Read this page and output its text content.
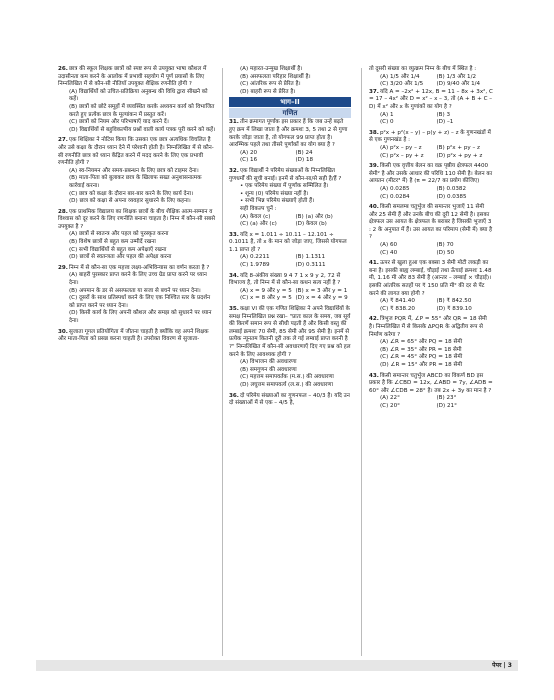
26.छात्र की स्कूल शिक्षक छात्रों को स्पष्ट रूप से उपयुक्त भाषा कौशल में उदासीनता कम करने के आलोक में प्रभावी सहयोग में पूर्ण प्रयासों के लिए निम्नलिखित में से कौन-सी नीतियाँ उपयुक्त शैक्षिक रणनीति होगी ?
(A) विद्यार्थियों को उचित-प्रतिक्रिया अनुबन्ध की विधि द्वारा सीखने को कहें।
(B) छात्रों को छोटे समूहों में व्यवस्थित करके अध्ययन कार्य को विभाजित करते हुए प्रत्येक छात्र के मूल्यांकन में प्रस्तुत करें।
(C) छात्रों को नियम और परिभाषाएँ याद करने दें।
(D) विद्यार्थियों से बहुविकल्पीय प्रश्नों वाली कार्य पत्रक पूरी करने को कहें।
27.एक शिक्षिका ने नोटिस किया कि उसका एक छात्र अत्यधिक विचलित है और उसे कक्षा के दौरान ध्यान देने में परेशानी होती है। निम्नलिखित में से कौन-सी रणनीति छात्र को ध्यान केंद्रित करने में मदद करने के लिए एक प्रभावी रणनीति होगी ?
(A) स्व-नियमन और समय-प्रबन्धन के लिए छात्र को टाइमर देना।
(B) माता-पिता को बुलाकर छात्र के खिलाफ सख्त अनुशासनात्मक कार्रवाई करना।
(C) छात्र को कक्षा के दौरान बार-बार करने के लिए कार्य देना।
(D) छात्र को कक्षा से अपना व्यवहार सुधारने के लिए कहना।
28.एक प्राथमिक विद्यालय का शिक्षक छात्रों के बीच शैक्षिक आत्म-सम्मान व विश्वास को दूर करने के लिए रणनीति बनाना चाहता है। निम्न में कौन-सी सबसे उपयुक्त है ?
(A) छात्रों से स्वतन्त्र और पहल को पुरस्कृत करना
(B) विशेष छात्रों से बहुत कम उम्मीदें रखना
(C) सभी विद्यार्थियों से बहुत कम अपेक्षाएँ रखना
(D) छात्रों से स्वतन्त्रता और पहल की अपेक्षा करना
29.निम्न में से कौन-सा एक महत्त्व लक्ष्य-अभिविन्यास का वर्णन करता है ?
(A) बाहरी पुरस्कार प्राप्त करने के लिए उच्च ग्रेड प्राप्त करने पर ध्यान देना।
(B) अपमान के डर से असफलता या सजा से बचने पर ध्यान देना।
(C) दूसरों के साथ प्रतिस्पर्धा करने के लिए एक निश्चित स्तर के प्रदर्शन को प्राप्त करने पर ध्यान देना।
(D) किसी कार्य के लिए अपनी कौशल और समझ को सुधारने पर ध्यान देना।
30.सुजाता गूगल प्रतियोगिता में जीतना चाहती है क्योंकि वह अपने शिक्षक और माता-पिता को प्रसन्न करना चाहती है। उपरोक्त विवरण से सुजाता-
(A) महारत-उन्मुख शिक्षार्थी है।
(B) असफलता परिहार शिक्षार्थी है।
(C) आंतरिक रूप से प्रेरित है।
(D) बाहरी रूप से प्रेरित है।
भाग–II
गणित
31.तीन क्रमागत पूर्णांक इस प्रकार हैं कि जब उन्हें बढ़ते हुए क्रम में लिखा जाता है और क्रमशः 3, 5 तथा 2 से गुणा करके जोड़ा जाता है, तो योगफल 99 प्राप्त होता है। आरम्भिक पहले तथा तीसरे पूर्णांकों का योग क्या है ?
(A) 20	(B) 24
(C) 16	(D) 18
32.एक विद्यार्थी ने परिमेय संख्याओं के निम्नलिखित गुणधर्मों की सूची बनाई। इनमें से कौन-सा/से सही है/हैं ?
• एक परिमेय संख्या में पूर्णांक सम्मिलित है।
• शून्य (0) परिमेय संख्या नहीं है।
• सभी भिन्न परिमेय संख्याएँ होती हैं।
सही विकल्प चुनें :
(A) केवल (c)	(B) (a) और (b)
(C) (a) और (c)	(D) केवल (b)
33.यदि x = 1.011 ÷ 10.11 – 12.101 ÷ 0.1011 है, तो x के मान को जोड़ा जाए, जिससे योगफल 1.1 प्राप्त हो ?
(A) 0.2211	(B) 1.1311
(C) 1.9789	(D) 0.3111
34.यदि 8-अंकीय संख्या 9 4 7 1 x 9 y 2, 72 से विभाज्य है, तो निम्न में से कौन-सा कथन सत्य नहीं है ?
(A) x = 9 और y = 5 (B) x = 3 और y = 1
(C) x = 8 और y = 5 (D) x = 4 और y = 9
35.कक्षा VI की एक गणित शिक्षिका ने अपने विद्यार्थियों के समक्ष निम्नलिखित प्रश्न रखा– "प्रातः काल के समय, जब सूर्य की किरणें समान रूप से सीधी पड़ती हैं और किसी वस्तु की लम्बाई क्रमशः 70 सेमी, 85 सेमी और 95 सेमी है। इनमें से प्रत्येक न्यूनतम कितनी दूरी तक ले गई लम्बाई प्राप्त करनी है ?" निम्नलिखित में कौन-सी अवधारणाएँ दिए गए प्रश्न को हल करने के लिए आवश्यक होगी ?
(A) विभाजन की अवधारणा
(B) समगुणन की अवधारणा
(C) महत्तम समापवर्तक (म.स.) की अवधारणा
(D) लघुत्तम समापवर्त्य (ल.स.) की अवधारणा
36.दो परिमेय संख्याओं का गुणनफल – 40/3 है। यदि उन दो संख्याओं में से एक – 4/5 है,
तो दूसरी संख्या का व्युत्क्रम निम्न के बीच में स्थित है :
(A) 1/5 और 1/4	(B) 1/3 और 1/2
(C) 3/20 और 1/5	(D) 9/40 और 1/4
37.यदि A = –2x² + 12x, B = 11 – 8x + 3x², C = 17 – 4x² और D = x² – x – 3, तो (A + B + C – D) में x² और x के गुणांकों का योग है ?
(A) 1	(B) 3
(C) 0	(D) –1
38.p²x + p²(x – y) – p(y + z) – z के गुणनखंडों में से एक गुणनखंड है :
(A) p²x – py – z	(B) p²x + py – z
(C) p²x – py + z	(D) p²x + py + z
39.किसी एक वृत्तीय बेलन का वक्र पृष्ठीय क्षेत्रफल 4400 सेमी² है और उसके आधार की परिधि 110 सेमी है। बेलन का आयतन (मीटर³ में) है (π = 22/7 का प्रयोग कीजिए)
(A) 0.0285	(B) 0.0382
(C) 0.0284	(D) 0.0385
40.किसी समलम्ब चतुर्भुज की समान्तर भुजाएँ 11 सेमी और 25 सेमी हैं और उनके बीच की दूरी 12 सेमी है। इसका क्षेत्रफल उस आयत के क्षेत्रफल के बराबर है जिसकी भुजाएँ 3 : 2 के अनुपात में हैं। उस आयत का परिमाप (सेमी में) क्या है ?
(A) 60	(B) 70
(C) 40	(D) 50
41.ऊपर से खुला हुआ एक बक्सा 3 सेमी मोटी लकड़ी का बना है। इसकी बाह्य लम्बाई, चौड़ाई तथा ऊँचाई क्रमशः 1.48 मी, 1.16 मी और 83 सेमी है (आन्तर – लम्बाई × चौड़ाई)। इसकी आंतरिक सतहों पर ₹ 150 प्रति मी² की दर से पेंट करने की लागत क्या होगी ?
(A) ₹ 841.40	(B) ₹ 842.50
(C) ₹ 838.20	(D) ₹ 839.10
42.त्रिभुज PQR में, ∠P = 55° और QR = 18 सेमी है। निम्नलिखित में से किसके ΔPQR के अद्वितीय रूप से निर्माण करेगा ?
(A) ∠R = 65° और PQ = 18 सेमी
(B) ∠R = 35° और PR = 18 सेमी
(C) ∠R = 45° और PQ = 18 सेमी
(D) ∠R = 15° और PR = 18 सेमी
43.किसी समान्तर चतुर्भुज ABCD का विकर्ण BD इस प्रकार है कि ∠CBD = 12x, ∠ABD = 7y, ∠ADB = 60° और ∠CDB = 28° है। तब 2x + 3y का मान है ?
(A) 22°	(B) 23°
(C) 20°	(D) 21°
पेपर | 3
